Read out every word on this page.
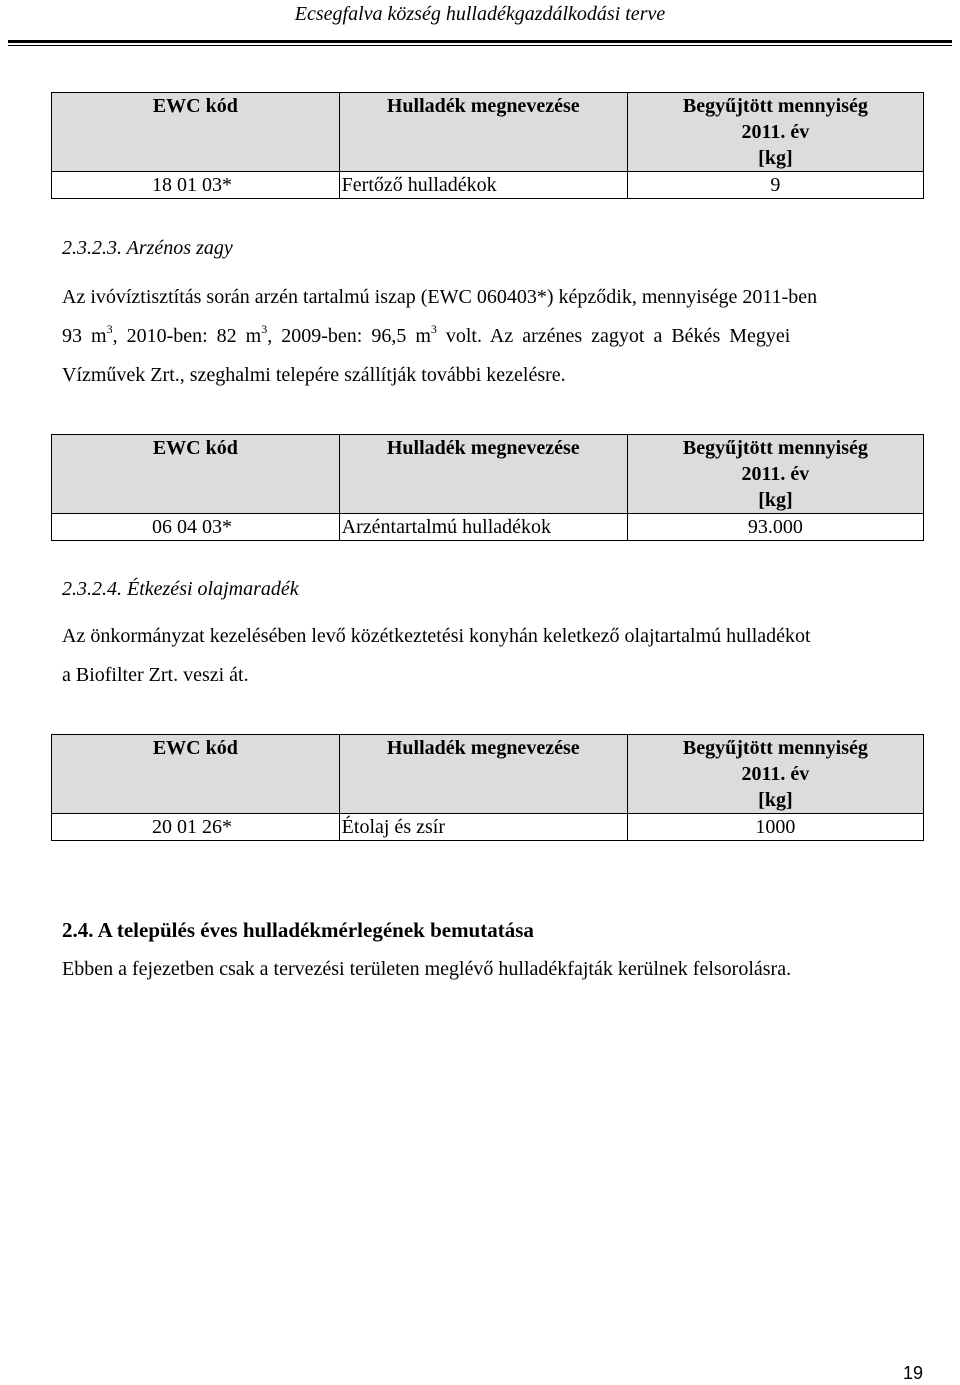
Ecsegfalva község hulladékgazdálkodási terve
EWC kód	Hulladék megnevezése	Begyűjtött mennyiség
2011. év
[kg]

18 01 03*	Fertőző hulladékok	9
2.3.2.3. Arzénos zagy
Az ivóvíztisztítás során arzén tartalmú iszap (EWC 060403*) képződik, mennyisége 2011-ben
93 $m^3$, 2010-ben: 82 $m^3$, 2009-ben: 96,5 $m^3$ volt. Az arzénes zagyot a Békés Megyei
Vízművek Zrt., szeghalmi telepére szállítják további kezelésre.
EWC kód	Hulladék megnevezése	Begyűjtött mennyiség
2011. év
[kg]

06 04 03*	Arzéntartalmú hulladékok	93.000
2.3.2.4. Étkezési olajmaradék
Az önkormányzat kezelésében levő közétkeztetési konyhán keletkező olajtartalmú hulladékot
a Biofilter Zrt. veszi át.
EWC kód	Hulladék megnevezése	Begyűjtött mennyiség
2011. év
[kg]

20 01 26*	Étolaj és zsír	1000
2.4. A település éves hulladékmérlegének bemutatása
Ebben a fejezetben csak a tervezési területen meglévő hulladékfajták kerülnek felsorolásra.
19
